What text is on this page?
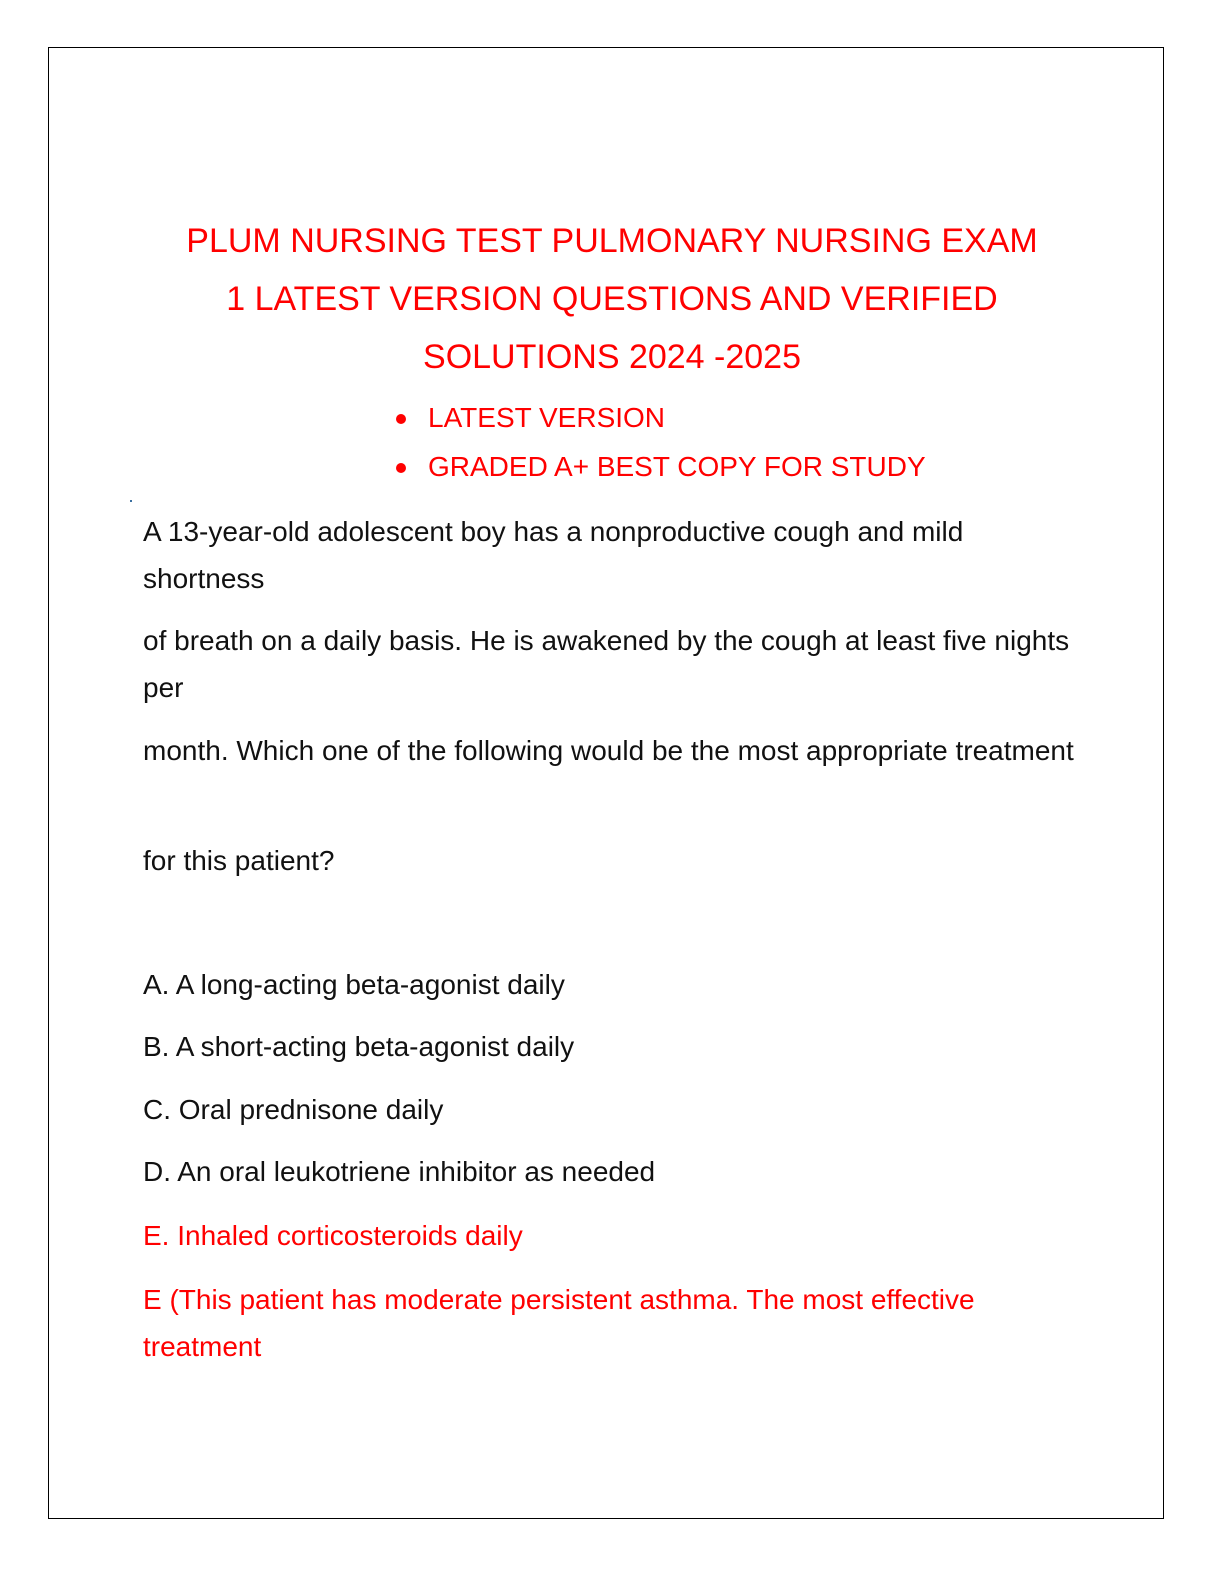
PLUM NURSING TEST PULMONARY NURSING EXAM
1 LATEST VERSION QUESTIONS AND VERIFIED
SOLUTIONS 2024 -2025
LATEST VERSION
GRADED A+ BEST COPY FOR STUDY

A 13-year-old adolescent boy has a nonproductive cough and mild shortness

of breath on a daily basis. He is awakened by the cough at least five nights per

month. Which one of the following would be the most appropriate treatment

for this patient?

A. A long-acting beta-agonist daily

B. A short-acting beta-agonist daily

C. Oral prednisone daily

D. An oral leukotriene inhibitor as needed

E. Inhaled corticosteroids daily

E (This patient has moderate persistent asthma. The most effective treatment
